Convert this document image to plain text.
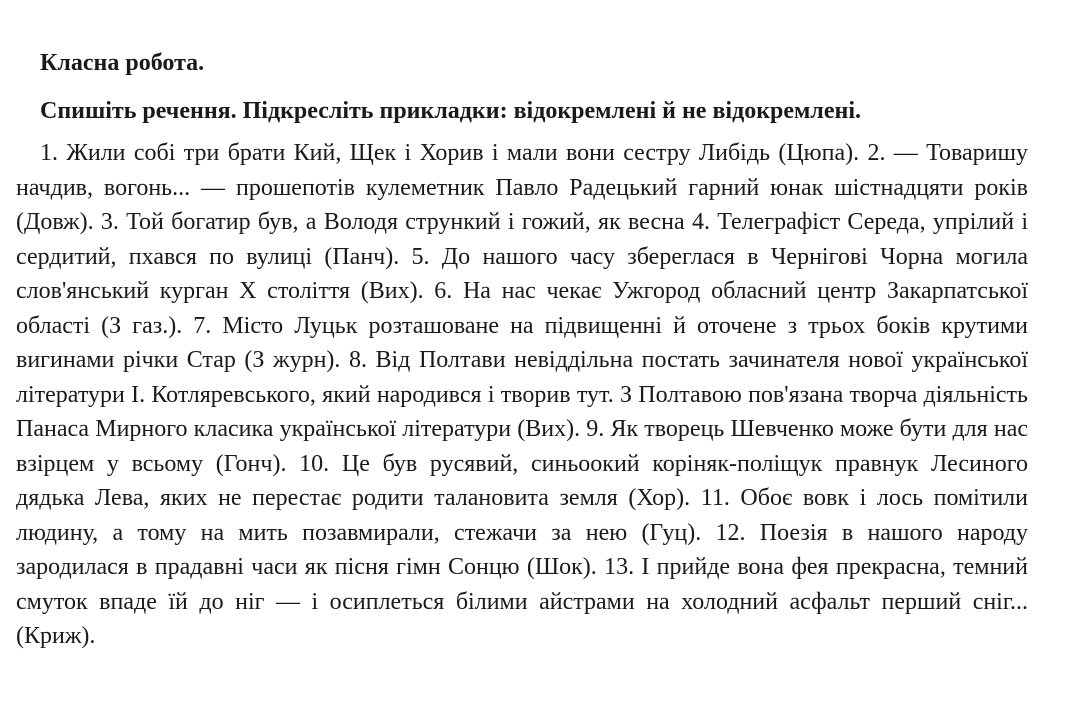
Класна робота.
Спишіть речення. Підкресліть прикладки: відокремлені й не відокремлені.
1. Жили собі три брати Кий, Щек і Хорив і мали вони сестру Либідь (Цюпа). 2. — Товаришу начдив, вогонь... — прошепотів кулеметник Павло Радецький гарний юнак шістнадцяти років (Довж). 3. Той богатир був, а Володя стрункий і гожий, як весна 4. Телеграфіст Середа, упрілий і сердитий, пхався по вулиці (Панч). 5. До нашого часу збереглася в Чернігові Чорна могила слов'янський курган X століття (Вих). 6. На нас чекає Ужгород обласний центр Закарпатської області (З газ.). 7. Місто Луцьк розташоване на підвищенні й оточене з трьох боків крутими вигинами річки Стар (З журн). 8. Від Полтави невіддільна постать зачинателя нової української літератури І. Котляревського, який народився і творив тут. З Полтавою пов'язана творча діяльність Панаса Мирного класика української літератури (Вих). 9. Як творець Шевченко може бути для нас взірцем у всьому (Гонч). 10. Це був русявий, синьоокий коріняк-поліщук правнук Лесиного дядька Лева, яких не перестає родити талановита земля (Хор). 11. Обоє вовк і лось помітили людину, а тому на мить позавмирали, стежачи за нею (Гуц). 12. Поезія в нашого народу зародилася в прадавні часи як пісня гімн Сонцю (Шок). 13. І прийде вона фея прекрасна, темний смуток впаде їй до ніг — і осиплеться білими айстрами на холодний асфальт перший сніг... (Криж).
